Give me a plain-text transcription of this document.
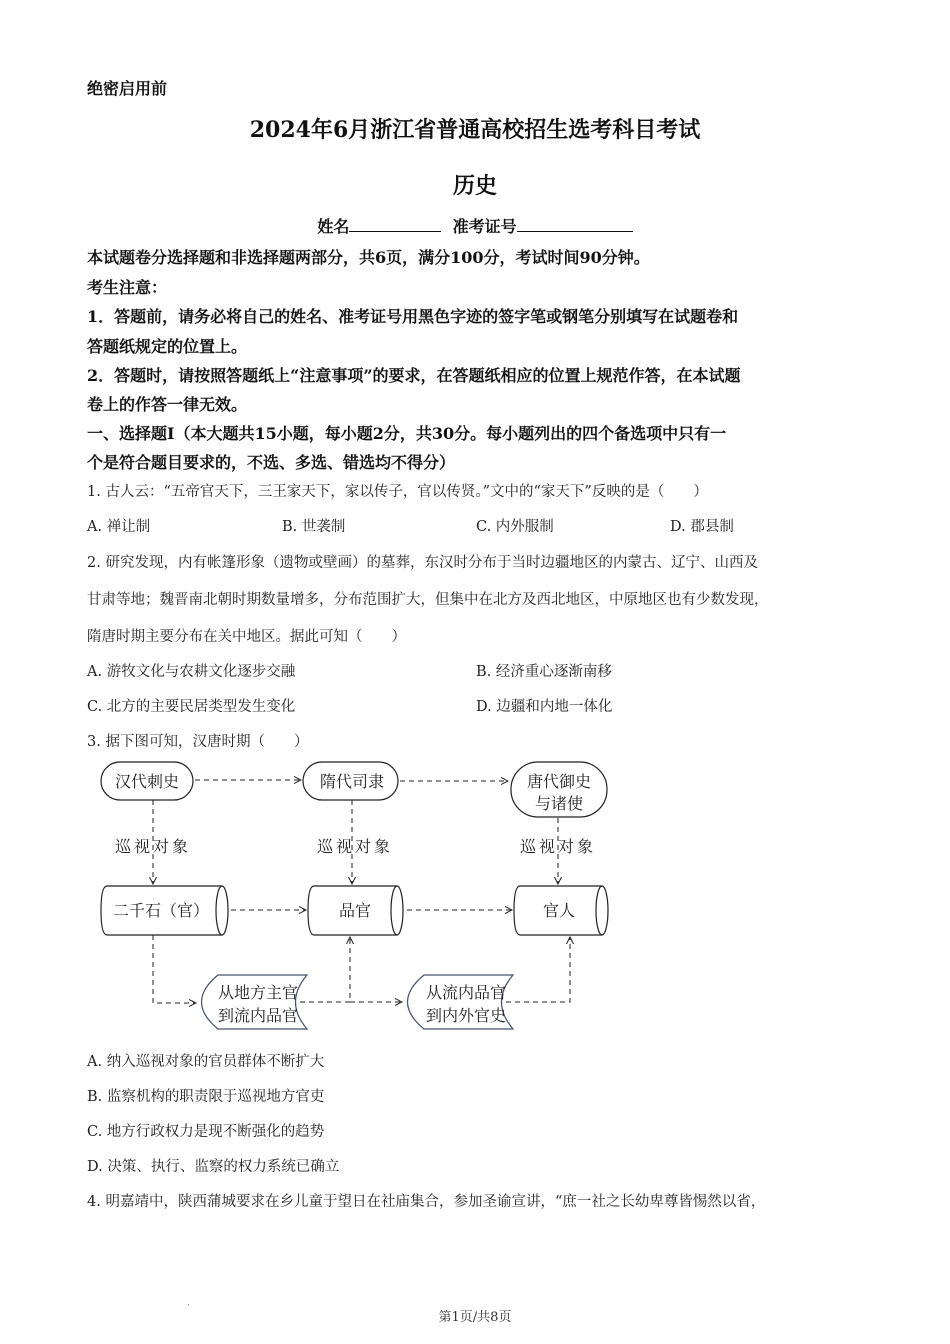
绝密启用前
2024年6月浙江省普通高校招生选考科目考试
历史
姓名	准考证号
本试题卷分选择题和非选择题两部分，共6页，满分100分，考试时间90分钟。
考生注意：
1．答题前，请务必将自己的姓名、准考证号用黑色字迹的签字笔或钢笔分别填写在试题卷和
答题纸规定的位置上。
2．答题时，请按照答题纸上“注意事项”的要求，在答题纸相应的位置上规范作答，在本试题
卷上的作答一律无效。
一、选择题Ⅰ（本大题共15小题，每小题2分，共30分。每小题列出的四个备选项中只有一
个是符合题目要求的，不选、多选、错选均不得分）
1. 古人云：“五帝官天下，三王家天下，家以传子，官以传贤。”文中的“家天下”反映的是（　　）
A. 禅让制	B. 世袭制	C. 内外服制	D. 郡县制
2. 研究发现，内有帐篷形象（遗物或壁画）的墓葬，东汉时分布于当时边疆地区的内蒙古、辽宁、山西及
甘肃等地；魏晋南北朝时期数量增多，分布范围扩大，但集中在北方及西北地区，中原地区也有少数发现，
隋唐时期主要分布在关中地区。据此可知（　　）
A. 游牧文化与农耕文化逐步交融	B. 经济重心逐渐南移
C. 北方的主要民居类型发生变化	D. 边疆和内地一体化
3. 据下图可知，汉唐时期（　　）
汉代刺史	隋代司隶	唐代御史
与诸使
二千石（官）	品官	官人
从地方主官
到流内品官
从流内品官
到内外官史
巡视对象	巡视对象	巡视对象
A. 纳入巡视对象的官员群体不断扩大
B. 监察机构的职责限于巡视地方官吏
C. 地方行政权力是现不断强化的趋势
D. 决策、执行、监察的权力系统已确立
4. 明嘉靖中，陕西蒲城要求在乡儿童于望日在社庙集合，参加圣谕宣讲，“庶一社之长幼卑尊皆惕然以省，
第1页/共8页
